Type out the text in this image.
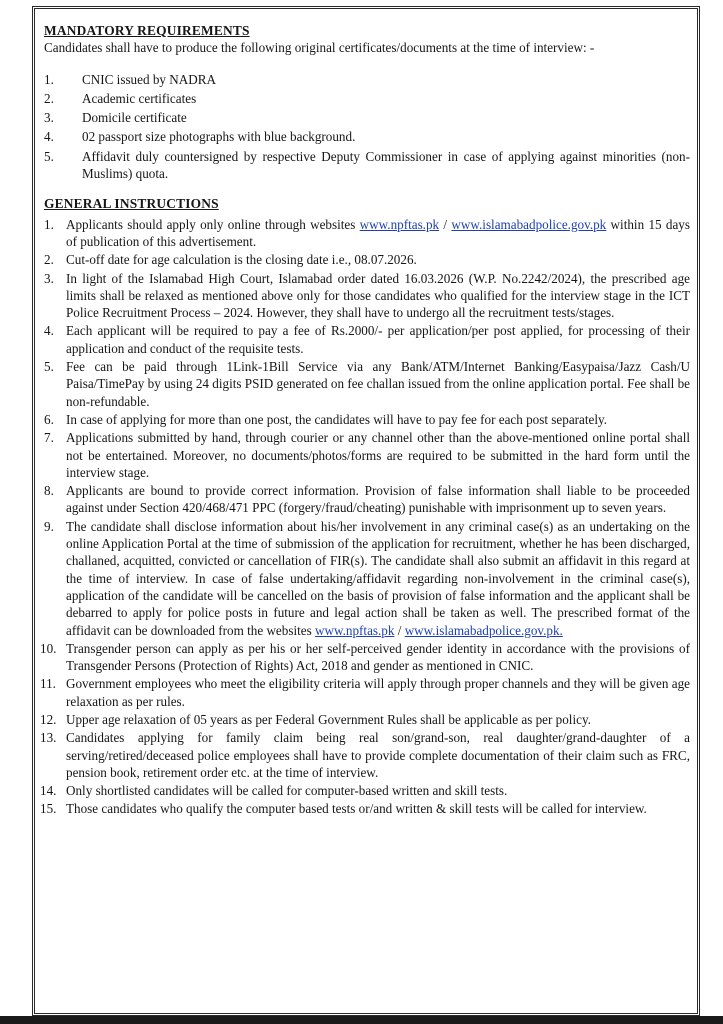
MANDATORY REQUIREMENTS

Candidates shall have to produce the following original certificates/documents at the time of interview: -

1.	CNIC issued by NADRA
2.	Academic certificates
3.	Domicile certificate
4.	02 passport size photographs with blue background.
5.	Affidavit duly countersigned by respective Deputy Commissioner in case of applying against minorities (non-Muslims) quota.

GENERAL INSTRUCTIONS

1. Applicants should apply only online through websites www.npftas.pk / www.islamabadpolice.gov.pk within 15 days of publication of this advertisement.
2. Cut-off date for age calculation is the closing date i.e., 08.07.2026.
3. In light of the Islamabad High Court, Islamabad order dated 16.03.2026 (W.P. No.2242/2024), the prescribed age limits shall be relaxed as mentioned above only for those candidates who qualified for the interview stage in the ICT Police Recruitment Process – 2024. However, they shall have to undergo all the recruitment tests/stages.
4. Each applicant will be required to pay a fee of Rs.2000/- per application/per post applied, for processing of their application and conduct of the requisite tests.
5. Fee can be paid through 1Link-1Bill Service via any Bank/ATM/Internet Banking/Easypaisa/Jazz Cash/U Paisa/TimePay by using 24 digits PSID generated on fee challan issued from the online application portal. Fee shall be non-refundable.
6. In case of applying for more than one post, the candidates will have to pay fee for each post separately.
7. Applications submitted by hand, through courier or any channel other than the above-mentioned online portal shall not be entertained. Moreover, no documents/photos/forms are required to be submitted in the hard form until the interview stage.
8. Applicants are bound to provide correct information. Provision of false information shall liable to be proceeded against under Section 420/468/471 PPC (forgery/fraud/cheating) punishable with imprisonment up to seven years.
9. The candidate shall disclose information about his/her involvement in any criminal case(s) as an undertaking on the online Application Portal at the time of submission of the application for recruitment, whether he has been discharged, challaned, acquitted, convicted or cancellation of FIR(s). The candidate shall also submit an affidavit in this regard at the time of interview. In case of false undertaking/affidavit regarding non-involvement in the criminal case(s), application of the candidate will be cancelled on the basis of provision of false information and the applicant shall be debarred to apply for police posts in future and legal action shall be taken as well. The prescribed format of the affidavit can be downloaded from the websites www.npftas.pk / www.islamabadpolice.gov.pk.
10. Transgender person can apply as per his or her self-perceived gender identity in accordance with the provisions of Transgender Persons (Protection of Rights) Act, 2018 and gender as mentioned in CNIC.
11. Government employees who meet the eligibility criteria will apply through proper channels and they will be given age relaxation as per rules.
12. Upper age relaxation of 05 years as per Federal Government Rules shall be applicable as per policy.
13. Candidates applying for family claim being real son/grand-son, real daughter/grand-daughter of a serving/retired/deceased police employees shall have to provide complete documentation of their claim such as FRC, pension book, retirement order etc. at the time of interview.
14. Only shortlisted candidates will be called for computer-based written and skill tests.
15. Those candidates who qualify the computer based tests or/and written & skill tests will be called for interview.
